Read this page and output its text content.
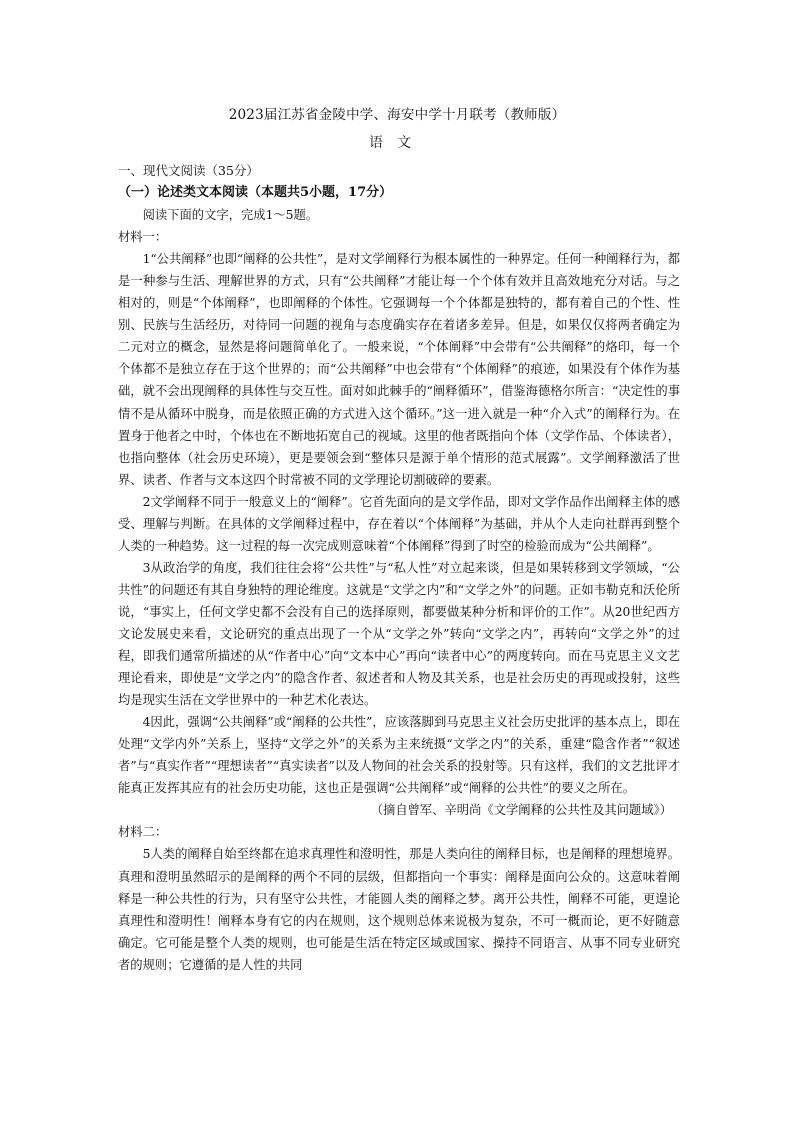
2023届江苏省金陵中学、海安中学十月联考（教师版）
语文

一、现代文阅读（35分）

（一）论述类文本阅读（本题共5小题，17分）

阅读下面的文字，完成1～5题。

材料一：

1“公共阐释”也即“阐释的公共性”，是对文学阐释行为根本属性的一种界定。任何一种阐释行为，都是一种参与生活、理解世界的方式，只有“公共阐释”才能让每一个个体有效并且高效地充分对话。与之相对的，则是“个体阐释”，也即阐释的个体性。它强调每一个个体都是独特的，都有着自己的个性、性别、民族与生活经历，对待同一问题的视角与态度确实存在着诸多差异。但是，如果仅仅将两者确定为二元对立的概念，显然是将问题简单化了。一般来说，“个体阐释”中会带有“公共阐释”的烙印，每一个个体都不是独立存在于这个世界的；而“公共阐释”中也会带有“个体阐释”的痕迹，如果没有个体作为基础，就不会出现阐释的具体性与交互性。面对如此棘手的“阐释循环”，借鉴海德格尔所言：“决定性的事情不是从循环中脱身，而是依照正确的方式进入这个循环。”这一进入就是一种“介入式”的阐释行为。在置身于他者之中时，个体也在不断地拓宽自己的视域。这里的他者既指向个体（文学作品、个体读者），也指向整体（社会历史环境），更是要领会到“整体只是源于单个情形的范式展露”。文学阐释激活了世界、读者、作者与文本这四个时常被不同的文学理论切割破碎的要素。

2文学阐释不同于一般意义上的“阐释”。它首先面向的是文学作品，即对文学作品作出阐释主体的感受、理解与判断。在具体的文学阐释过程中，存在着以“个体阐释”为基础，并从个人走向社群再到整个人类的一种趋势。这一过程的每一次完成则意味着“个体阐释”得到了时空的检验而成为“公共阐释”。

3从政治学的角度，我们往往会将“公共性”与“私人性”对立起来谈，但是如果转移到文学领域，“公共性”的问题还有其自身独特的理论维度。这就是“文学之内”和“文学之外”的问题。正如韦勒克和沃伦所说，“事实上，任何文学史都不会没有自己的选择原则，都要做某种分析和评价的工作”。从20世纪西方文论发展史来看，文论研究的重点出现了一个从“文学之外”转向“文学之内”，再转向“文学之外”的过程，即我们通常所描述的从“作者中心”向“文本中心”再向“读者中心”的两度转向。而在马克思主义文艺理论看来，即使是“文学之内”的隐含作者、叙述者和人物及其关系，也是社会历史的再现或投射，这些均是现实生活在文学世界中的一种艺术化表达。

4因此，强调“公共阐释”或“阐释的公共性”，应该落脚到马克思主义社会历史批评的基本点上，即在处理“文学内外”关系上，坚持“文学之外”的关系为主来统摄“文学之内”的关系，重建“隐含作者”“叙述者”与“真实作者”“理想读者”“真实读者”以及人物间的社会关系的投射等。只有这样，我们的文艺批评才能真正发挥其应有的社会历史功能，这也正是强调“公共阐释”或“阐释的公共性”的要义之所在。

（摘自曾军、辛明尚《文学阐释的公共性及其问题域》）

材料二：

5人类的阐释自始至终都在追求真理性和澄明性，那是人类向往的阐释目标，也是阐释的理想境界。真理和澄明虽然昭示的是阐释的两个不同的层级，但都指向一个事实：阐释是面向公众的。这意味着阐释是一种公共性的行为，只有坚守公共性，才能圆人类的阐释之梦。离开公共性，阐释不可能，更遑论真理性和澄明性！阐释本身有它的内在规则，这个规则总体来说极为复杂，不可一概而论，更不好随意确定。它可能是整个人类的规则，也可能是生活在特定区域或国家、操持不同语言、从事不同专业研究者的规则；它遵循的是人性的共同
